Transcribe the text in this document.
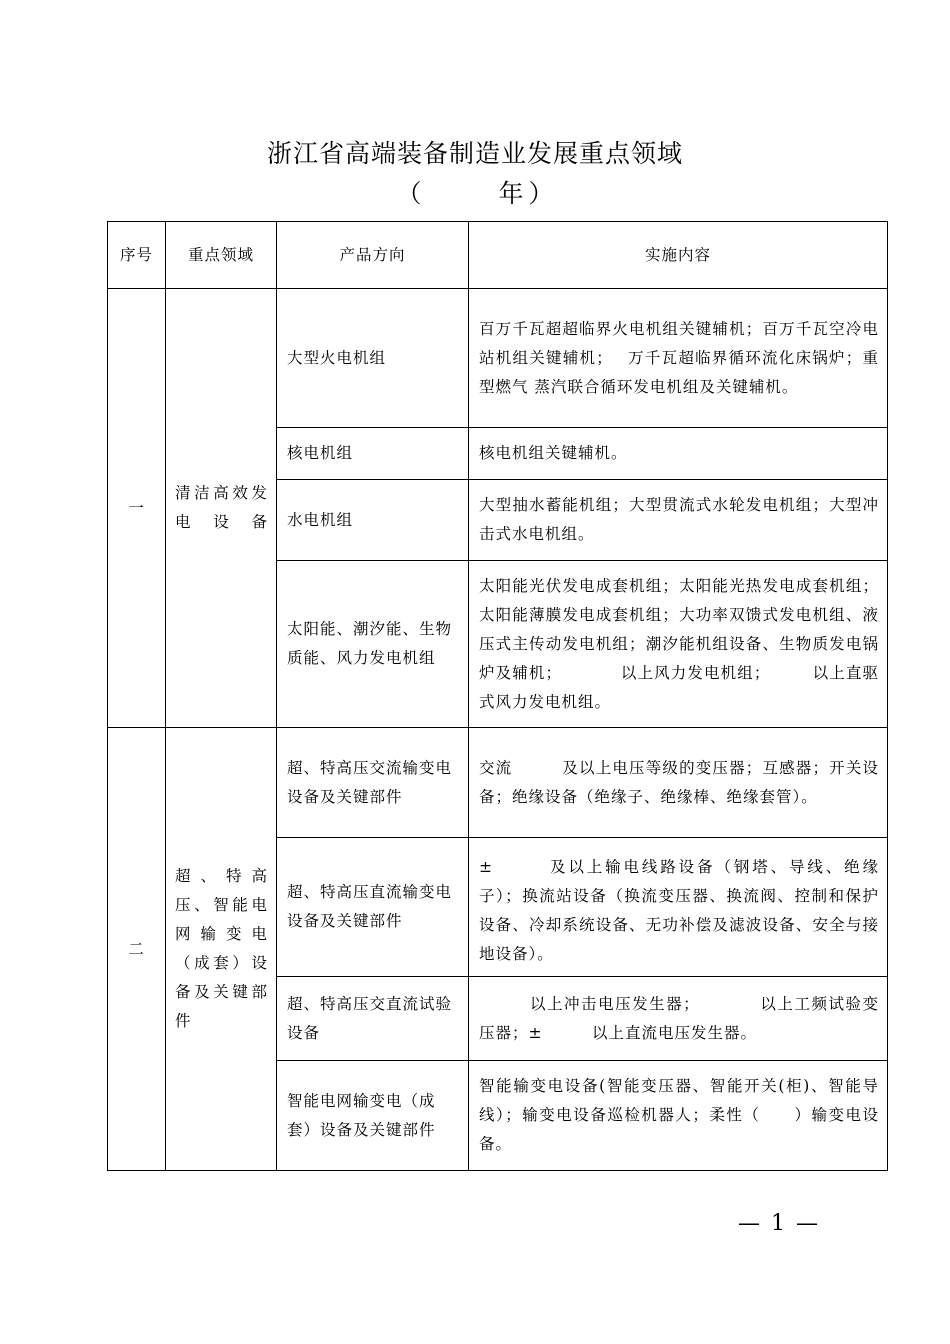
浙江省高端装备制造业发展重点领域
（	年 ）
序号	重点领域	产品方向	实施内容
一	清洁高效发电设备	大型火电机组	百万千瓦超超临界火电机组关键辅机；百万千瓦空冷电站机组关键辅机；　 万千瓦超临界循环流化床锅炉；重型燃气 蒸汽联合循环发电机组及关键辅机。
		核电机组	核电机组关键辅机。
		水电机组	大型抽水蓄能机组；大型贯流式水轮发电机组；大型冲击式水电机组。
		太阳能、潮汐能、生物质能、风力发电机组	太阳能光伏发电成套机组；太阳能光热发电成套机组；太阳能薄膜发电成套机组；大功率双馈式发电机组、液压式主传动发电机组；潮汐能机组设备、生物质发电锅炉及辅机；　　　　以上风力发电机组；　　　以上直驱式风力发电机组。
二	超、特高压、智能电网输变电（成套）设备及关键部件	超、特高压交流输变电设备及关键部件	交流　　　及以上电压等级的变压器；互感器；开关设备；绝缘设备（绝缘子、绝缘棒、绝缘套管）。
		超、特高压直流输变电设备及关键部件	±　　　及以上输电线路设备（钢塔、导线、绝缘子）；换流站设备（换流变压器、换流阀、控制和保护设备、冷却系统设备、无功补偿及滤波设备、安全与接地设备）。
		超、特高压交直流试验设备	　　　以上冲击电压发生器；　　　　以上工频试验变压器；±　　　以上直流电压发生器。
		智能电网输变电（成套）设备及关键部件	智能输变电设备(智能变压器、智能开关(柜)、智能导线）；输变电设备巡检机器人；柔性（　　）输变电设备。
— 1 —
